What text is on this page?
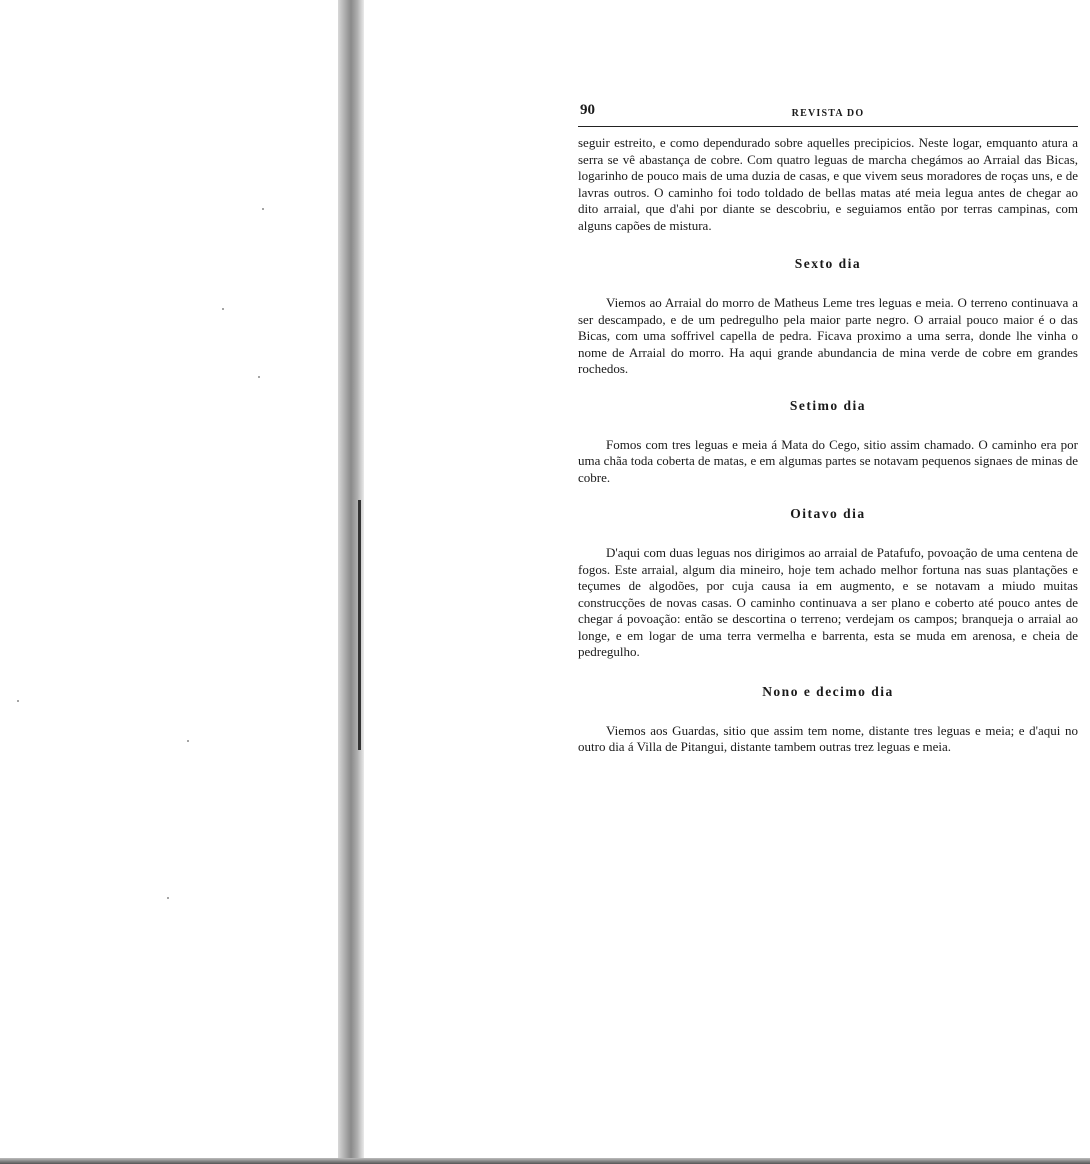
90	REVISTA DO

seguir estreito, e como dependurado sobre aquelles precipicios. Neste logar, emquanto atura a serra se vê abastança de cobre. Com quatro leguas de marcha chegámos ao Arraial das Bicas, logarinho de pouco mais de uma duzia de casas, e que vivem seus moradores de roças uns, e de lavras outros. O caminho foi todo toldado de bellas matas até meia legua antes de chegar ao dito arraial, que d'ahi por diante se descobriu, e seguiamos então por terras campinas, com alguns capões de mistura.

Sexto dia

Viemos ao Arraial do morro de Matheus Leme tres leguas e meia. O terreno continuava a ser descampado, e de um pedregulho pela maior parte negro. O arraial pouco maior é o das Bicas, com uma soffrivel capella de pedra. Ficava proximo a uma serra, donde lhe vinha o nome de Arraial do morro. Ha aqui grande abundancia de mina verde de cobre em grandes rochedos.

Setimo dia

Fomos com tres leguas e meia á Mata do Cego, sitio assim chamado. O caminho era por uma chãa toda coberta de matas, e em algumas partes se notavam pequenos signaes de minas de cobre.

Oitavo dia

D'aqui com duas leguas nos dirigimos ao arraial de Patafufo, povoação de uma centena de fogos. Este arraial, algum dia mineiro, hoje tem achado melhor fortuna nas suas plantações e teçumes de algodões, por cuja causa ia em augmento, e se notavam a miudo muitas construcções de novas casas. O caminho continuava a ser plano e coberto até pouco antes de chegar á povoação: então se descortina o terreno; verdejam os campos; branqueja o arraial ao longe, e em logar de uma terra vermelha e barrenta, esta se muda em arenosa, e cheia de pedregulho.

Nono e decimo dia

Viemos aos Guardas, sitio que assim tem nome, distante tres leguas e meia; e d'aqui no outro dia á Villa de Pitangui, distante tambem outras trez leguas e meia.
